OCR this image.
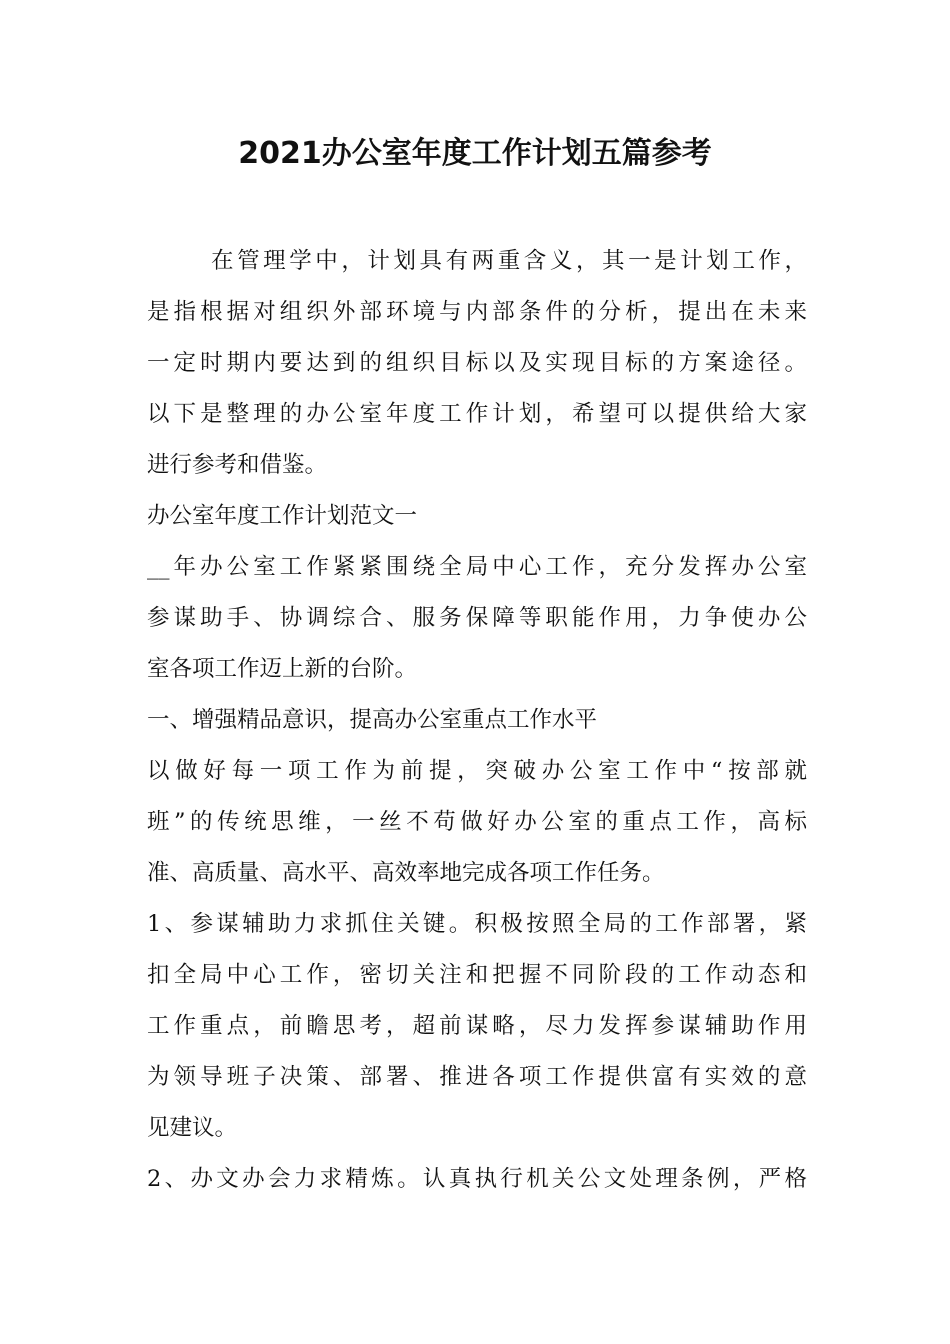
2021办公室年度工作计划五篇参考
在管理学中，计划具有两重含义，其一是计划工作，
是指根据对组织外部环境与内部条件的分析，提出在未来
一定时期内要达到的组织目标以及实现目标的方案途径。
以下是整理的办公室年度工作计划，希望可以提供给大家
进行参考和借鉴。
办公室年度工作计划范文一
__年办公室工作紧紧围绕全局中心工作，充分发挥办公室
参谋助手、协调综合、服务保障等职能作用，力争使办公
室各项工作迈上新的台阶。
一、增强精品意识，提高办公室重点工作水平
以做好每一项工作为前提，突破办公室工作中“按部就
班”的传统思维，一丝不苟做好办公室的重点工作，高标
准、高质量、高水平、高效率地完成各项工作任务。
1、参谋辅助力求抓住关键。积极按照全局的工作部署，紧
扣全局中心工作，密切关注和把握不同阶段的工作动态和
工作重点，前瞻思考，超前谋略，尽力发挥参谋辅助作用
为领导班子决策、部署、推进各项工作提供富有实效的意
见建议。
2、办文办会力求精炼。认真执行机关公文处理条例，严格
